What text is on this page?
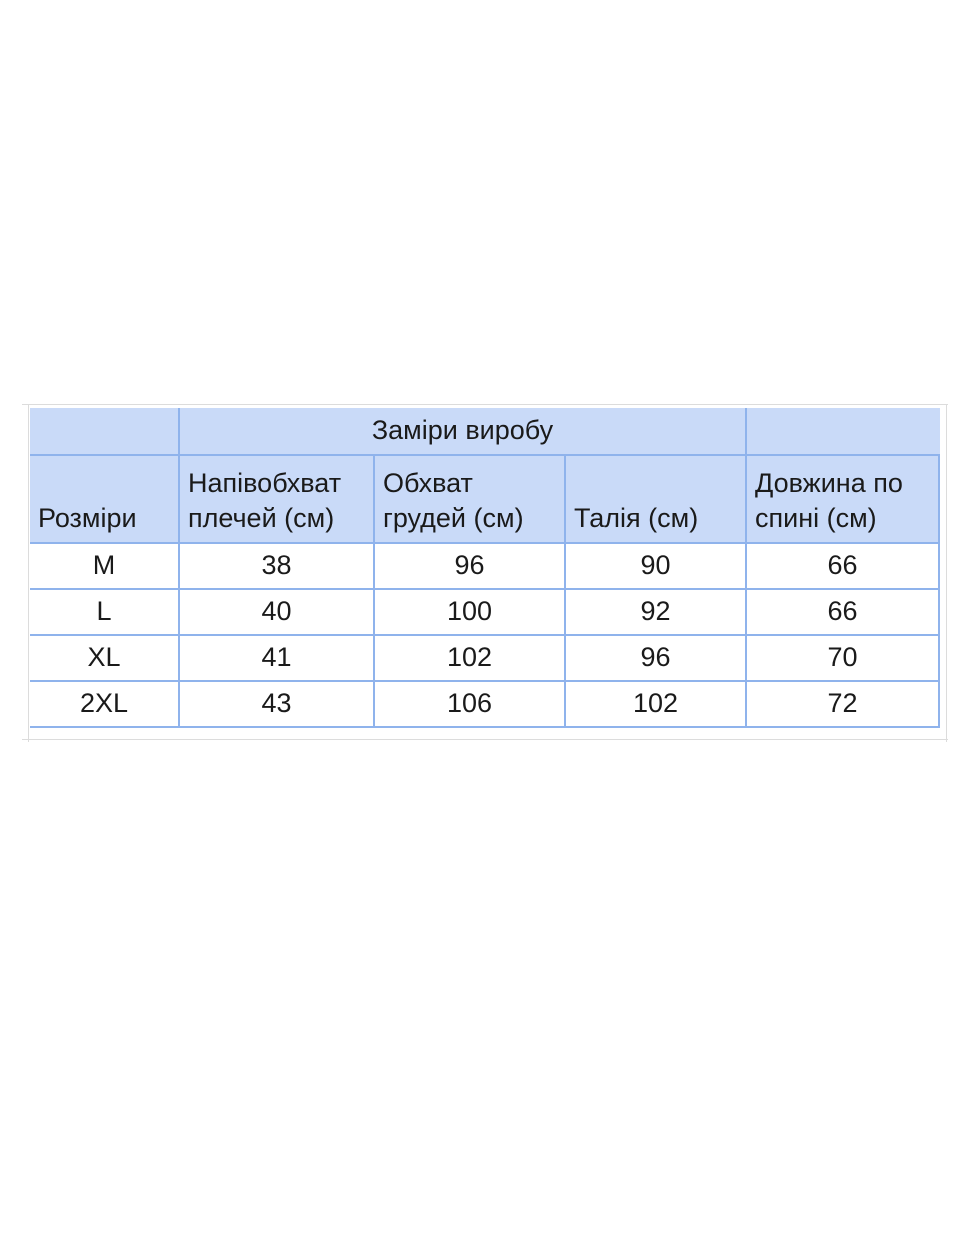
	Заміри виробу			
Розміри	Напівобхват плечей (см)	Обхват грудей (см)	Талія (см)	Довжина по спині (см)
M	38	96	90	66
L	40	100	92	66
XL	41	102	96	70
2XL	43	106	102	72
